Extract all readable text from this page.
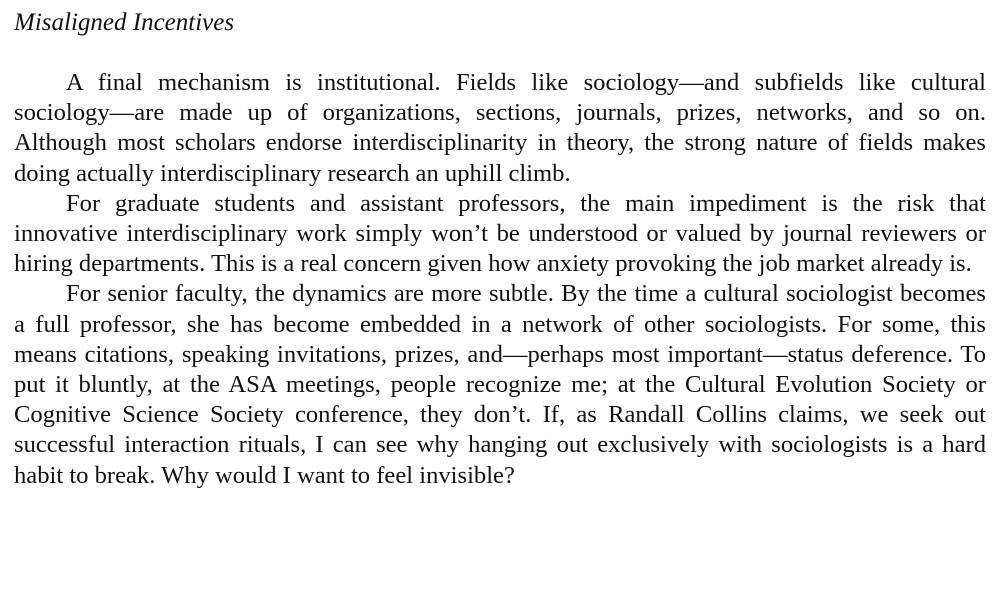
Misaligned Incentives

A final mechanism is institutional. Fields like sociology—and subfields like cultural sociology—are made up of organizations, sections, journals, prizes, networks, and so on. Although most scholars endorse interdisciplinarity in theory, the strong nature of fields makes doing actually interdisciplinary research an uphill climb.

For graduate students and assistant professors, the main impediment is the risk that innovative interdisciplinary work simply won’t be understood or valued by journal reviewers or hiring departments. This is a real concern given how anxiety provoking the job market already is.

For senior faculty, the dynamics are more subtle. By the time a cultural sociologist becomes a full professor, she has become embedded in a network of other sociologists. For some, this means citations, speaking invitations, prizes, and—perhaps most important—status deference. To put it bluntly, at the ASA meetings, people recognize me; at the Cultural Evolution Society or Cognitive Science Society conference, they don’t. If, as Randall Collins claims, we seek out successful interaction rituals, I can see why hanging out exclusively with sociologists is a hard habit to break. Why would I want to feel invisible?
